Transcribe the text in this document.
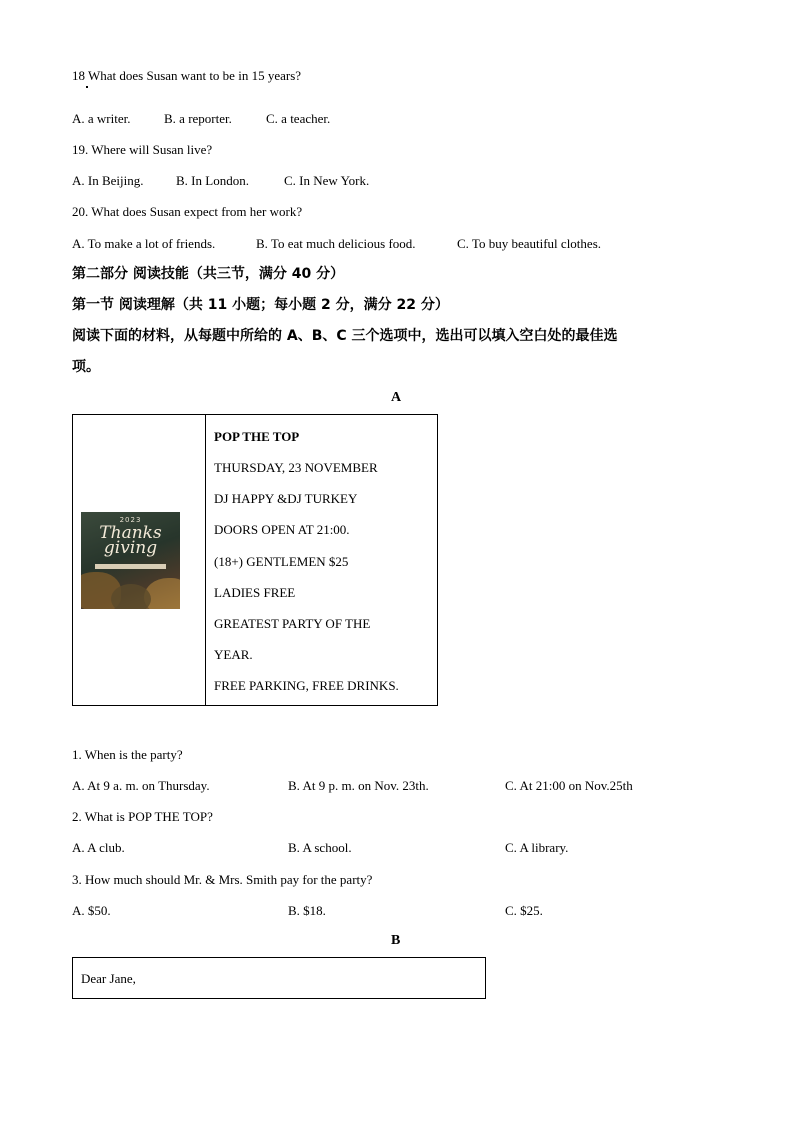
18 What does Susan want to be in 15 years?
A. a writer.	B. a reporter.	C. a teacher.
19. Where will Susan live?
A. In Beijing.	B. In London.	C. In New York.
20. What does Susan expect from her work?
A. To make a lot of friends.	B. To eat much delicious food.	C. To buy beautiful clothes.
第二部分 阅读技能（共三节，满分 40 分）
第一节 阅读理解（共 11 小题；每小题 2 分，满分 22 分）
阅读下面的材料，从每题中所给的 A、B、C 三个选项中，选出可以填入空白处的最佳选
项。
A
2023
Thanks
giving
POP THE TOP
THURSDAY, 23 NOVEMBER
DJ HAPPY &DJ TURKEY
DOORS OPEN AT 21:00.
(18+) GENTLEMEN $25
LADIES FREE
GREATEST PARTY OF THE
YEAR.
FREE PARKING, FREE DRINKS.
1. When is the party?
A. At 9 a. m. on Thursday.	B. At 9 p. m. on Nov. 23th.	C. At 21:00 on Nov.25th
2. What is POP THE TOP?
A. A club.	B. A school.	C. A library.
3. How much should Mr. & Mrs. Smith pay for the party?
A. $50.	B. $18.	C. $25.
B
Dear Jane,
